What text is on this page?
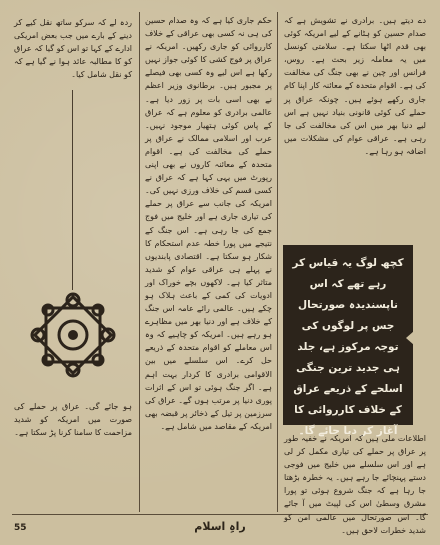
ردہ لے کہ سرکو ساتھ نقل کیے کر دینے کے بارے میں جب بعض امریکی ادارے کے کہا تو اس کو گیا کہ عراق کو کا مطالبہ عائد ہوا نے گیا ہے کہ کو نقل شامل کیا۔

ہو جائے گی۔ عراق پر حملے کی صورت میں امریکہ کو شدید مزاحمت کا سامنا کرنا پڑ سکتا ہے۔

حکم جاری کیا ہے کہ وہ صدام حسین کی ہی نہ کسی بھی عراقی کے خلاف کارروائی کو جاری رکھیں۔ امریکہ نے عراق پر فوج کشی کا کوئی جواز نہیں رکھا ہے اس لیے وہ کسی بھی فیصلے پر مجبور ہیں۔ برطانوی وزیر اعظم نے بھی اسی بات پر زور دیا ہے۔ عالمی برادری کو معلوم ہے کہ عراق کے پاس کوئی ہتھیار موجود نہیں۔ عرب اور اسلامی ممالک نے عراق پر حملے کی مخالفت کی ہے۔ اقوام متحدہ کے معائنہ کاروں نے بھی اپنی رپورٹ میں یہی کہا ہے کہ عراق نے کسی قسم کی خلاف ورزی نہیں کی۔ امریکہ کی جانب سے عراق پر حملے کی تیاری جاری ہے اور خلیج میں فوج جمع کی جا رہی ہے۔ اس جنگ کے نتیجے میں پورا خطہ عدم استحکام کا شکار ہو سکتا ہے۔ اقتصادی پابندیوں نے پہلے ہی عراقی عوام کو شدید متاثر کیا ہے۔ لاکھوں بچے خوراک اور ادویات کی کمی کے باعث ہلاک ہو چکے ہیں۔ عالمی رائے عامہ اس جنگ کے خلاف ہے اور دنیا بھر میں مظاہرے ہو رہے ہیں۔ امریکہ کو چاہیے کہ وہ اس معاملے کو اقوام متحدہ کے ذریعے حل کرے۔ اس سلسلے میں بین الاقوامی برادری کا کردار بہت اہم ہے۔ اگر جنگ ہوئی تو اس کے اثرات پوری دنیا پر مرتب ہوں گے۔ عراق کی سرزمین پر تیل کے ذخائر پر قبضہ بھی امریکہ کے مقاصد میں شامل ہے۔

دے دیتے ہیں۔ برادری نے تشویش ہے کہ صدام حسین کو ہٹانے کے لیے امریکہ کوئی بھی قدم اٹھا سکتا ہے۔ سلامتی کونسل میں یہ معاملہ زیر بحث ہے۔ روس، فرانس اور چین نے بھی جنگ کی مخالفت کی ہے۔ اقوام متحدہ کے معائنہ کار اپنا کام جاری رکھے ہوئے ہیں۔ چونکہ عراق پر حملے کی کوئی قانونی بنیاد نہیں ہے اس لیے دنیا بھر میں اس کی مخالفت کی جا رہی ہے۔ عراقی عوام کی مشکلات میں اضافہ ہو رہا ہے۔

کچھ لوگ یہ قیاس کر رہے تھے کہ اس ناپسندیدہ صورتحال جس پر لوگوں کی توجہ مرکوز ہے، جلد ہی جدید ترین جنگی اسلحے کے ذریعے عراق کے خلاف کارروائی کا آغاز کر دیا جائے گا۔

اطلاعات ملی ہیں کہ امریکہ نے خفیہ طور پر عراق پر حملے کی تیاری مکمل کر لی ہے اور اس سلسلے میں خلیج میں فوجی دستے پہنچائے جا رہے ہیں۔ یہ خطرہ بڑھتا جا رہا ہے کہ جنگ شروع ہوئی تو پورا مشرق وسطیٰ اس کی لپیٹ میں آ جائے گا۔ اس صورتحال میں عالمی امن کو شدید خطرات لاحق ہیں۔

55	راہِ اسلام
